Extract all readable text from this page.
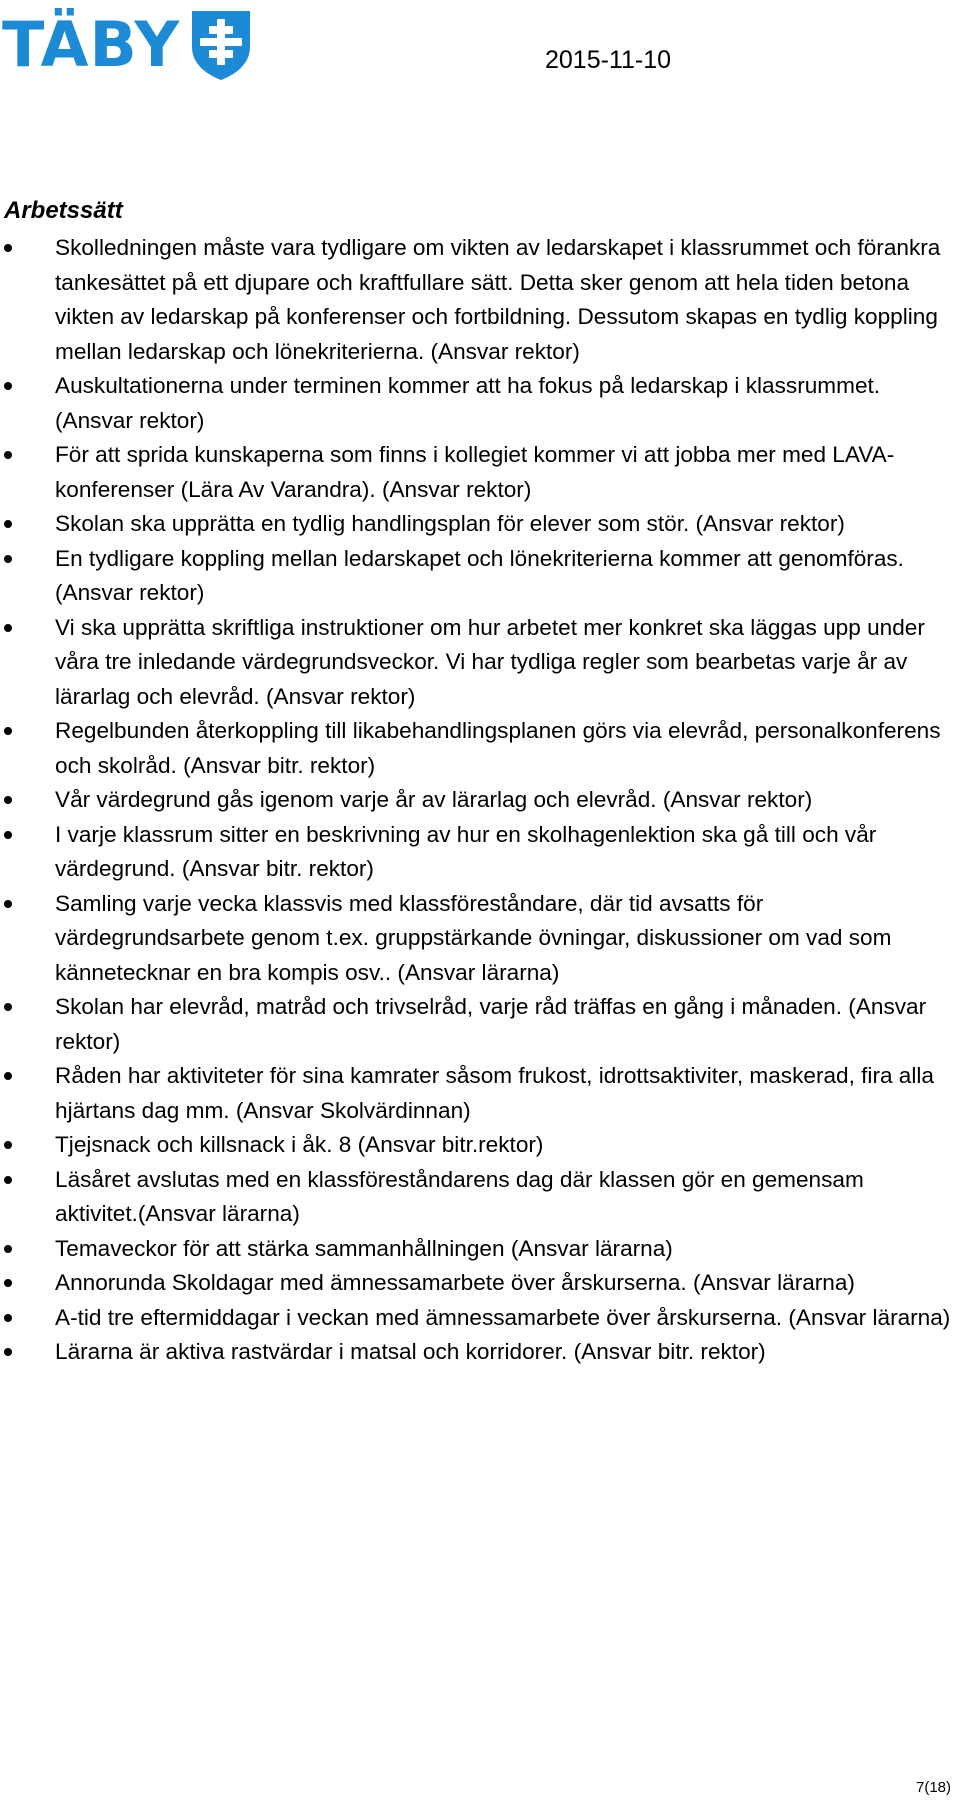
TÄBY	2015-11-10
Arbetssätt
Skolledningen måste vara tydligare om vikten av ledarskapet i klassrummet och förankra tankesättet på ett djupare och kraftfullare sätt. Detta sker genom att hela tiden betona vikten av ledarskap på konferenser och fortbildning. Dessutom skapas en tydlig koppling mellan ledarskap och lönekriterierna. (Ansvar rektor)
Auskultationerna under terminen kommer att ha fokus på ledarskap i klassrummet. (Ansvar rektor)
För att sprida kunskaperna som finns i kollegiet kommer vi att jobba mer med LAVA-konferenser (Lära Av Varandra). (Ansvar rektor)
Skolan ska upprätta en tydlig handlingsplan för elever som stör. (Ansvar rektor)
En tydligare koppling mellan ledarskapet och lönekriterierna kommer att genomföras. (Ansvar rektor)
Vi ska upprätta skriftliga instruktioner om hur arbetet mer konkret ska läggas upp under våra tre inledande värdegrundsveckor. Vi har tydliga regler som bearbetas varje år av lärarlag och elevråd. (Ansvar rektor)
Regelbunden återkoppling till likabehandlingsplanen görs via elevråd, personalkonferens och skolråd. (Ansvar bitr. rektor)
Vår värdegrund gås igenom varje år av lärarlag och elevråd. (Ansvar rektor)
I varje klassrum sitter en beskrivning av hur en skolhagenlektion ska gå till och vår värdegrund. (Ansvar bitr. rektor)
Samling varje vecka klassvis med klassföreståndare, där tid avsatts för värdegrundsarbete genom t.ex. gruppstärkande övningar, diskussioner om vad som kännetecknar en bra kompis osv.. (Ansvar lärarna)
Skolan har elevråd, matråd och trivselråd, varje råd träffas en gång i månaden. (Ansvar rektor)
Råden har aktiviteter för sina kamrater såsom frukost, idrottsaktiviter, maskerad, fira alla hjärtans dag mm. (Ansvar Skolvärdinnan)
Tjejsnack och killsnack i åk. 8 (Ansvar bitr.rektor)
Läsåret avslutas med en klassföreståndarens dag där klassen gör en gemensam aktivitet.(Ansvar lärarna)
Temaveckor för att stärka sammanhållningen (Ansvar lärarna)
Annorunda Skoldagar med ämnessamarbete över årskurserna. (Ansvar lärarna)
A-tid tre eftermiddagar i veckan med ämnessamarbete över årskurserna. (Ansvar lärarna)
Lärarna är aktiva rastvärdar i matsal och korridorer. (Ansvar bitr. rektor)
7(18)
